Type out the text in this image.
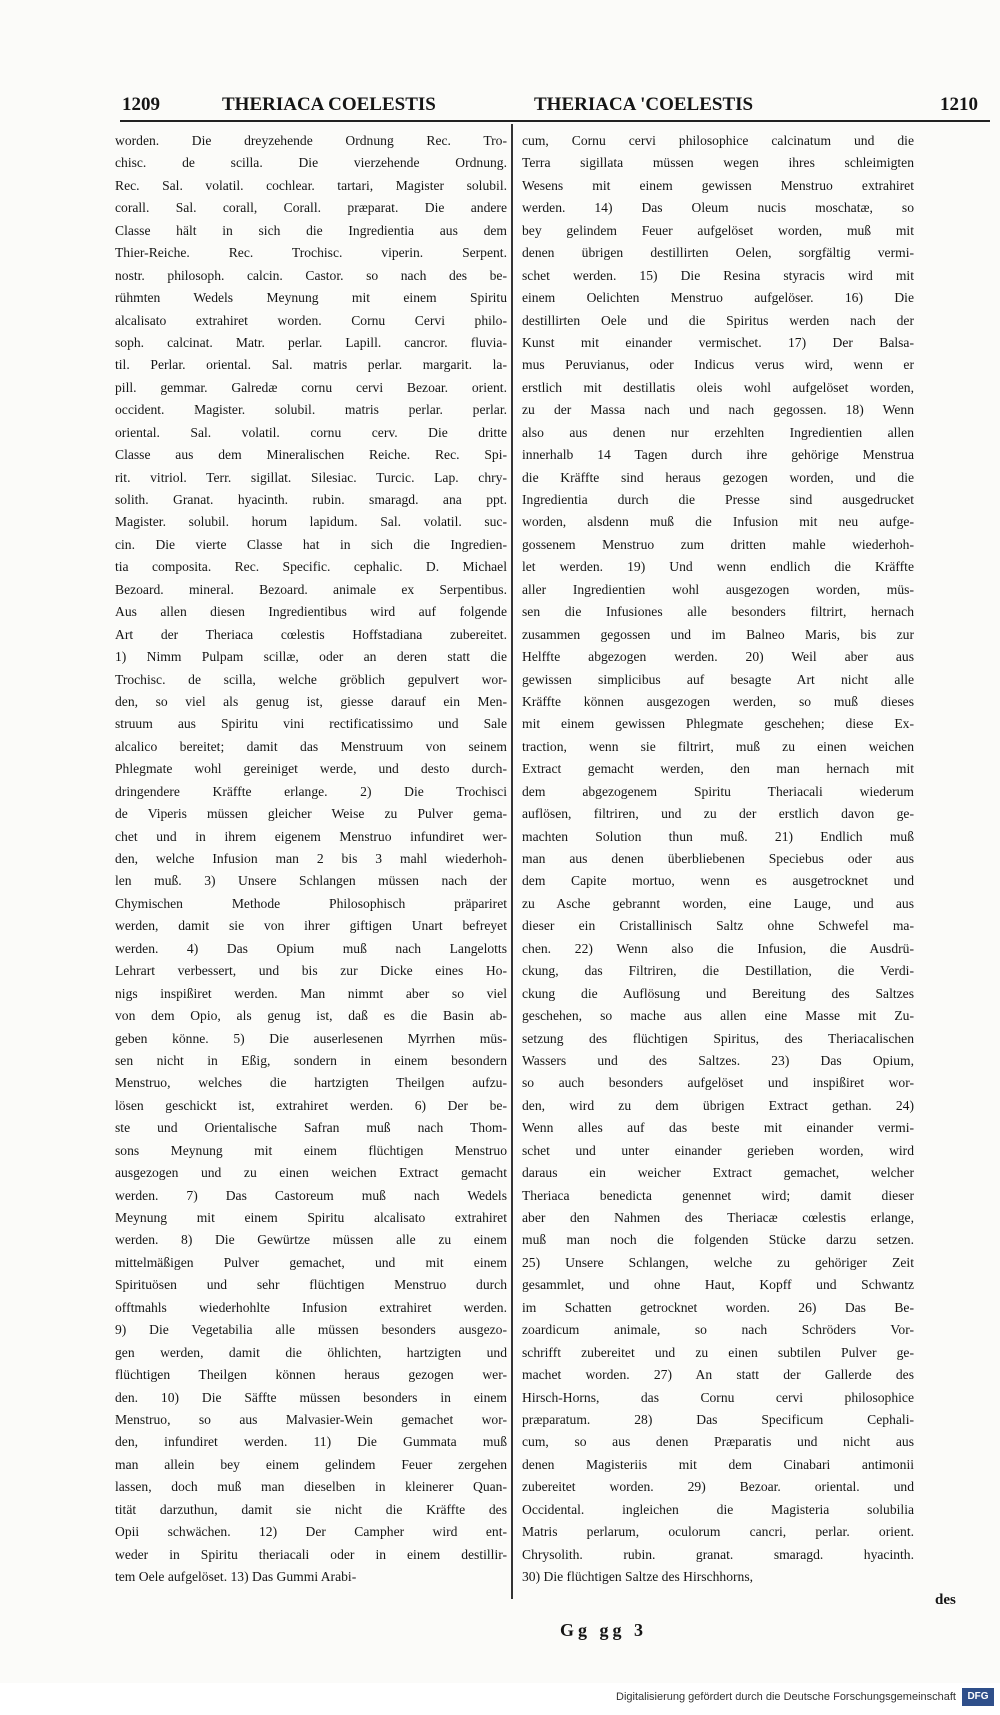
1209	THERIACA COELESTIS	THERIACA 'COELESTIS	1210
worden. Die dreyzehende Ordnung Rec. Tro-
chisc. de scilla. Die vierzehende Ordnung.
Rec. Sal. volatil. cochlear. tartari, Magister solubil.
corall. Sal. corall, Corall. præparat. Die andere
Classe hält in sich die Ingredientia aus dem
Thier-Reiche. Rec. Trochisc. viperin. Serpent.
nostr. philosoph. calcin. Castor. so nach des be-
rühmten Wedels Meynung mit einem Spiritu
alcalisato extrahiret worden. Cornu Cervi philo-
soph. calcinat. Matr. perlar. Lapill. cancror. fluvia-
til. Perlar. oriental. Sal. matris perlar. margarit. la-
pill. gemmar. Galredæ cornu cervi Bezoar. orient.
occident. Magister. solubil. matris perlar. perlar.
oriental. Sal. volatil. cornu cerv. Die dritte
Classe aus dem Mineralischen Reiche. Rec. Spi-
rit. vitriol. Terr. sigillat. Silesiac. Turcic. Lap. chry-
solith. Granat. hyacinth. rubin. smaragd. ana ppt.
Magister. solubil. horum lapidum. Sal. volatil. suc-
cin. Die vierte Classe hat in sich die Ingredien-
tia composita. Rec. Specific. cephalic. D. Michael
Bezoard. mineral. Bezoard. animale ex Serpentibus.
Aus allen diesen Ingredientibus wird auf folgende
Art der Theriaca cœlestis Hoffstadiana zubereitet.
1) Nimm Pulpam scillæ, oder an deren statt die
Trochisc. de scilla, welche gröblich gepulvert wor-
den, so viel als genug ist, giesse darauf ein Men-
struum aus Spiritu vini rectificatissimo und Sale
alcalico bereitet; damit das Menstruum von seinem
Phlegmate wohl gereiniget werde, und desto durch-
dringendere Kräffte erlange. 2) Die Trochisci
de Viperis müssen gleicher Weise zu Pulver gema-
chet und in ihrem eigenem Menstruo infundiret wer-
den, welche Infusion man 2 bis 3 mahl wiederhoh-
len muß. 3) Unsere Schlangen müssen nach der
Chymischen Methode Philosophisch präpariret
werden, damit sie von ihrer giftigen Unart befreyet
werden. 4) Das Opium muß nach Langelotts
Lehrart verbessert, und bis zur Dicke eines Ho-
nigs inspißiret werden. Man nimmt aber so viel
von dem Opio, als genug ist, daß es die Basin ab-
geben könne. 5) Die auserlesenen Myrrhen müs-
sen nicht in Eßig, sondern in einem besondern
Menstruo, welches die hartzigten Theilgen aufzu-
lösen geschickt ist, extrahiret werden. 6) Der be-
ste und Orientalische Safran muß nach Thom-
sons Meynung mit einem flüchtigen Menstruo
ausgezogen und zu einen weichen Extract gemacht
werden. 7) Das Castoreum muß nach Wedels
Meynung mit einem Spiritu alcalisato extrahiret
werden. 8) Die Gewürtze müssen alle zu einem
mittelmäßigen Pulver gemachet, und mit einem
Spirituösen und sehr flüchtigen Menstruo durch
offtmahls wiederhohlte Infusion extrahiret werden.
9) Die Vegetabilia alle müssen besonders ausgezo-
gen werden, damit die öhlichten, hartzigten und
flüchtigen Theilgen können heraus gezogen wer-
den. 10) Die Säffte müssen besonders in einem
Menstruo, so aus Malvasier-Wein gemachet wor-
den, infundiret werden. 11) Die Gummata muß
man allein bey einem gelindem Feuer zergehen
lassen, doch muß man dieselben in kleinerer Quan-
tität darzuthun, damit sie nicht die Kräffte des
Opii schwächen. 12) Der Campher wird ent-
weder in Spiritu theriacali oder in einem destillir-
tem Oele aufgelöset. 13) Das Gummi Arabi-
cum, Cornu cervi philosophice calcinatum und die
Terra sigillata müssen wegen ihres schleimigten
Wesens mit einem gewissen Menstruo extrahiret
werden. 14) Das Oleum nucis moschatæ, so
bey gelindem Feuer aufgelöset worden, muß mit
denen übrigen destillirten Oelen, sorgfältig vermi-
schet werden. 15) Die Resina styracis wird mit
einem Oelichten Menstruo aufgelöser. 16) Die
destillirten Oele und die Spiritus werden nach der
Kunst mit einander vermischet. 17) Der Balsa-
mus Peruvianus, oder Indicus verus wird, wenn er
erstlich mit destillatis oleis wohl aufgelöset worden,
zu der Massa nach und nach gegossen. 18) Wenn
also aus denen nur erzehlten Ingredientien allen
innerhalb 14 Tagen durch ihre gehörige Menstrua
die Kräffte sind heraus gezogen worden, und die
Ingredientia durch die Presse sind ausgedrucket
worden, alsdenn muß die Infusion mit neu aufge-
gossenem Menstruo zum dritten mahle wiederhoh-
let werden. 19) Und wenn endlich die Kräffte
aller Ingredientien wohl ausgezogen worden, müs-
sen die Infusiones alle besonders filtrirt, hernach
zusammen gegossen und im Balneo Maris, bis zur
Helffte abgezogen werden. 20) Weil aber aus
gewissen simplicibus auf besagte Art nicht alle
Kräffte können ausgezogen werden, so muß dieses
mit einem gewissen Phlegmate geschehen; diese Ex-
traction, wenn sie filtrirt, muß zu einen weichen
Extract gemacht werden, den man hernach mit
dem abgezogenem Spiritu Theriacali wiederum
auflösen, filtriren, und zu der erstlich davon ge-
machten Solution thun muß. 21) Endlich muß
man aus denen überbliebenen Speciebus oder aus
dem Capite mortuo, wenn es ausgetrocknet und
zu Asche gebrannt worden, eine Lauge, und aus
dieser ein Cristallinisch Saltz ohne Schwefel ma-
chen. 22) Wenn also die Infusion, die Ausdrü-
ckung, das Filtriren, die Destillation, die Verdi-
ckung die Auflösung und Bereitung des Saltzes
geschehen, so mache aus allen eine Masse mit Zu-
setzung des flüchtigen Spiritus, des Theriacalischen
Wassers und des Saltzes. 23) Das Opium,
so auch besonders aufgelöset und inspißiret wor-
den, wird zu dem übrigen Extract gethan. 24)
Wenn alles auf das beste mit einander vermi-
schet und unter einander gerieben worden, wird
daraus ein weicher Extract gemachet, welcher
Theriaca benedicta genennet wird; damit dieser
aber den Nahmen des Theriacæ cœlestis erlange,
muß man noch die folgenden Stücke darzu setzen.
25) Unsere Schlangen, welche zu gehöriger Zeit
gesammlet, und ohne Haut, Kopff und Schwantz
im Schatten getrocknet worden. 26) Das Be-
zoardicum animale, so nach Schröders Vor-
schrifft zubereitet und zu einen subtilen Pulver ge-
machet worden. 27) An statt der Gallerde des
Hirsch-Horns, das Cornu cervi philosophice
præparatum. 28) Das Specificum Cephali-
cum, so aus denen Præparatis und nicht aus
denen Magisteriis mit dem Cinabari antimonii
zubereitet worden. 29) Bezoar. oriental. und
Occidental. ingleichen die Magisteria solubilia
Matris perlarum, oculorum cancri, perlar. orient.
Chrysolith. rubin. granat. smaragd. hyacinth.
30) Die flüchtigen Saltze des Hirschhorns,
Gg gg 3
des
Digitalisierung gefördert durch die Deutsche Forschungsgemeinschaft	DFG
